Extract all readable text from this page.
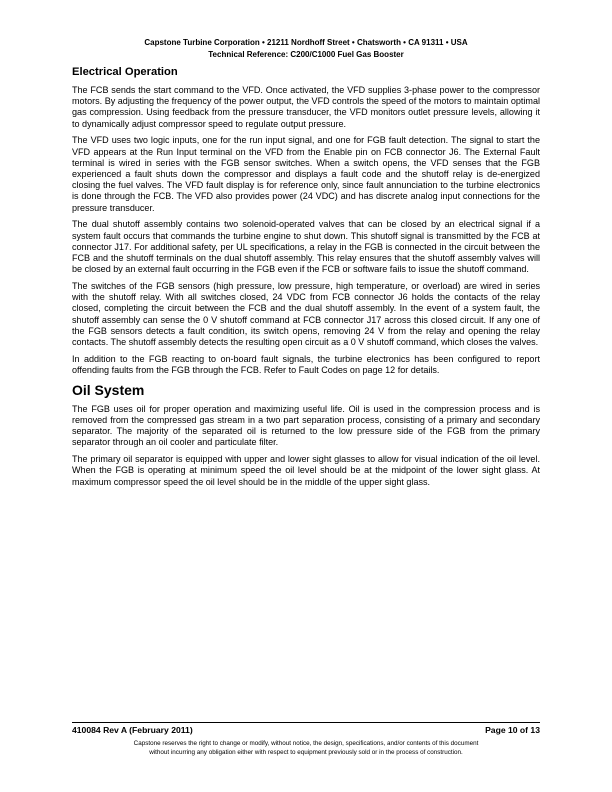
Capstone Turbine Corporation • 21211 Nordhoff Street • Chatsworth • CA 91311 • USA
Technical Reference: C200/C1000 Fuel Gas Booster
Electrical Operation

The FCB sends the start command to the VFD. Once activated, the VFD supplies 3-phase power to the compressor motors. By adjusting the frequency of the power output, the VFD controls the speed of the motors to maintain optimal gas compression. Using feedback from the pressure transducer, the VFD monitors outlet pressure levels, allowing it to dynamically adjust compressor speed to regulate output pressure.

The VFD uses two logic inputs, one for the run input signal, and one for FGB fault detection. The signal to start the VFD appears at the Run Input terminal on the VFD from the Enable pin on FCB connector J6. The External Fault terminal is wired in series with the FGB sensor switches. When a switch opens, the VFD senses that the FGB experienced a fault shuts down the compressor and displays a fault code and the shutoff relay is de-energized closing the fuel valves. The VFD fault display is for reference only, since fault annunciation to the turbine electronics is done through the FCB. The VFD also provides power (24 VDC) and has discrete analog input connections for the pressure transducer.

The dual shutoff assembly contains two solenoid-operated valves that can be closed by an electrical signal if a system fault occurs that commands the turbine engine to shut down. This shutoff signal is transmitted by the FCB at connector J17. For additional safety, per UL specifications, a relay in the FGB is connected in the circuit between the FCB and the shutoff terminals on the dual shutoff assembly. This relay ensures that the shutoff assembly valves will be closed by an external fault occurring in the FGB even if the FCB or software fails to issue the shutoff command.

The switches of the FGB sensors (high pressure, low pressure, high temperature, or overload) are wired in series with the shutoff relay. With all switches closed, 24 VDC from FCB connector J6 holds the contacts of the relay closed, completing the circuit between the FCB and the dual shutoff assembly. In the event of a system fault, the shutoff assembly can sense the 0 V shutoff command at FCB connector J17 across this closed circuit. If any one of the FGB sensors detects a fault condition, its switch opens, removing 24 V from the relay and opening the relay contacts. The shutoff assembly detects the resulting open circuit as a 0 V shutoff command, which closes the valves.

In addition to the FGB reacting to on-board fault signals, the turbine electronics has been configured to report offending faults from the FGB through the FCB. Refer to Fault Codes on page 12 for details.

Oil System

The FGB uses oil for proper operation and maximizing useful life. Oil is used in the compression process and is removed from the compressed gas stream in a two part separation process, consisting of a primary and secondary separator. The majority of the separated oil is returned to the low pressure side of the FGB from the primary separator through an oil cooler and particulate filter.

The primary oil separator is equipped with upper and lower sight glasses to allow for visual indication of the oil level. When the FGB is operating at minimum speed the oil level should be at the midpoint of the lower sight glass. At maximum compressor speed the oil level should be in the middle of the upper sight glass.

410084 Rev A (February 2011)	Page 10 of 13
Capstone reserves the right to change or modify, without notice, the design, specifications, and/or contents of this document
without incurring any obligation either with respect to equipment previously sold or in the process of construction.
